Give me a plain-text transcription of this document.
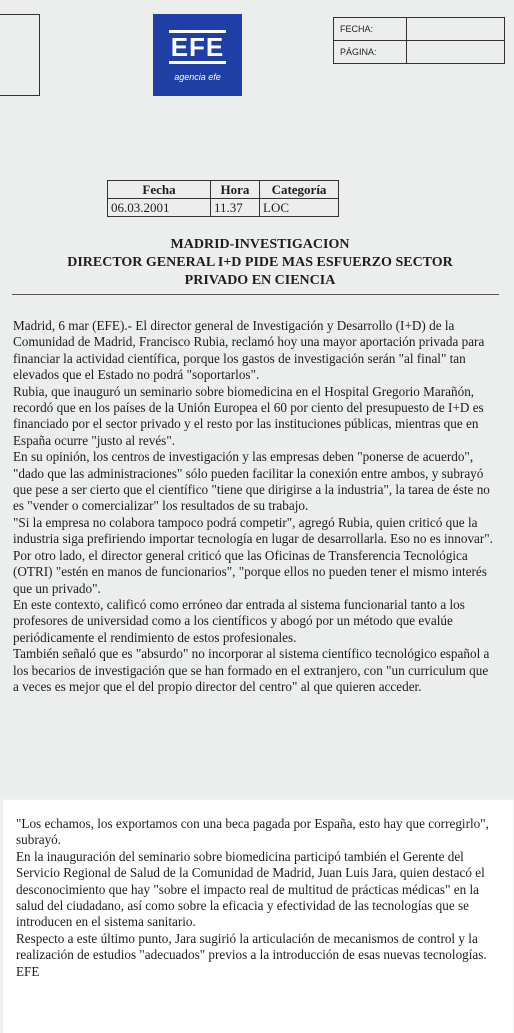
EFE
agencia efe
FECHA:	
PÁGINA:	
Fecha	Hora	Categoría
06.03.2001	11.37	LOC
MADRID-INVESTIGACION
DIRECTOR GENERAL I+D PIDE MAS ESFUERZO SECTOR
PRIVADO EN CIENCIA

Madrid, 6 mar (EFE).- El director general de Investigación y Desarrollo (I+D) de la Comunidad de Madrid, Francisco Rubia, reclamó hoy una mayor aportación privada para financiar la actividad científica, porque los gastos de investigación serán "al final" tan elevados que el Estado no podrá "soportarlos".

Rubia, que inauguró un seminario sobre biomedicina en el Hospital Gregorio Marañón, recordó que en los países de la Unión Europea el 60 por ciento del presupuesto de I+D es financiado por el sector privado y el resto por las instituciones públicas, mientras que en España ocurre "justo al revés".

En su opinión, los centros de investigación y las empresas deben "ponerse de acuerdo", "dado que las administraciones" sólo pueden facilitar la conexión entre ambos, y subrayó que pese a ser cierto que el científico "tiene que dirigirse a la industria", la tarea de éste no es "vender o comercializar" los resultados de su trabajo.

"Si la empresa no colabora tampoco podrá competir", agregó Rubia, quien criticó que la industria siga prefiriendo importar tecnología en lugar de desarrollarla. Eso no es innovar".

Por otro lado, el director general criticó que las Oficinas de Transferencia Tecnológica (OTRI) "estén en manos de funcionarios", "porque ellos no pueden tener el mismo interés que un privado".

En este contexto, calificó como erróneo dar entrada al sistema funcionarial tanto a los profesores de universidad como a los científicos y abogó por un método que evalúe periódicamente el rendimiento de estos profesionales.

También señaló que es "absurdo" no incorporar al sistema científico tecnológico español a los becarios de investigación que se han formado en el extranjero, con "un curriculum que a veces es mejor que el del propio director del centro" al que quieren acceder.

"Los echamos, los exportamos con una beca pagada por España, esto hay que corregirlo", subrayó.

En la inauguración del seminario sobre biomedicina participó también el Gerente del Servicio Regional de Salud de la Comunidad de Madrid, Juan Luis Jara, quien destacó el desconocimiento que hay "sobre el impacto real de multitud de prácticas médicas" en la salud del ciudadano, así como sobre la eficacia y efectividad de las tecnologías que se introducen en el sistema sanitario.

Respecto a este último punto, Jara sugirió la articulación de mecanismos de control y la realización de estudios "adecuados" previos a la introducción de esas nuevas tecnologías. EFE
